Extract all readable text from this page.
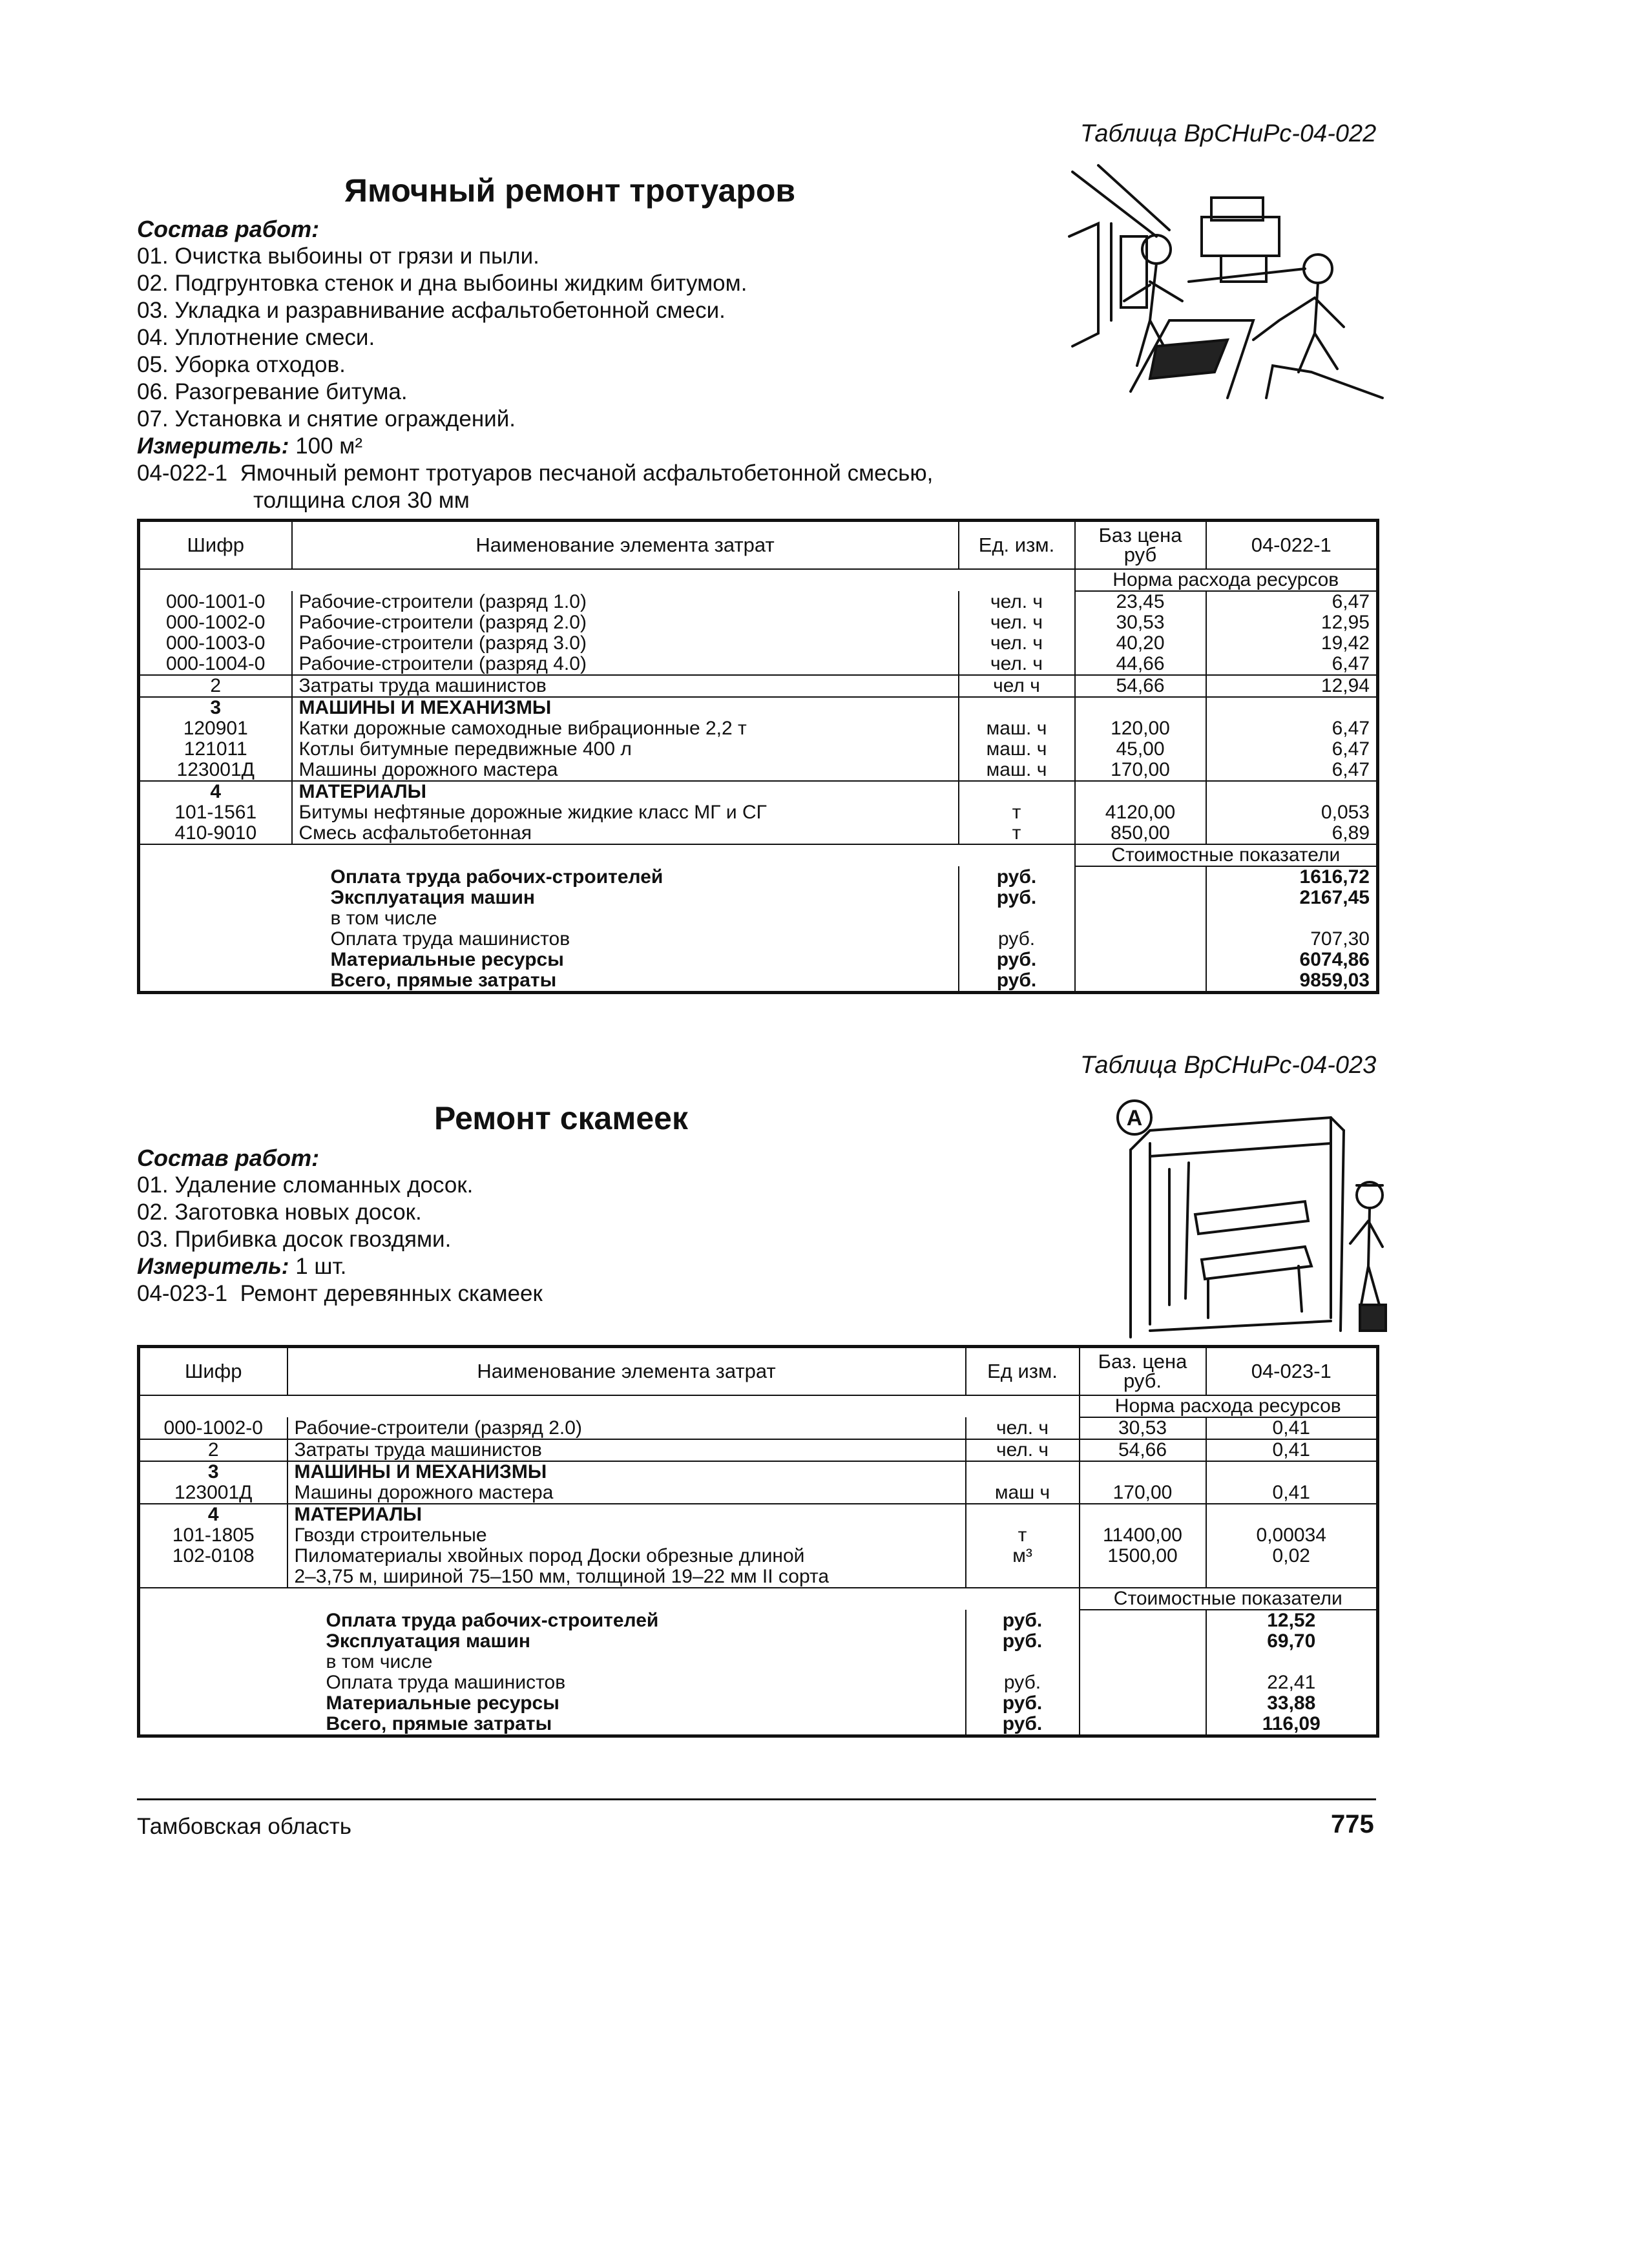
Таблица ВрСНиРс-04-022
Ямочный ремонт тротуаров
Состав работ:
01. Очистка выбоины от грязи и пыли.
02. Подгрунтовка стенок и дна выбоины жидким битумом.
03. Укладка и разравнивание асфальтобетонной смеси.
04. Уплотнение смеси.
05. Уборка отходов.
06. Разогревание битума.
07. Установка и снятие ограждений.
Измеритель: 100 м²
04-022-1 Ямочный ремонт тротуаров песчаной асфальтобетонной смесью,
толщина слоя 30 мм
Шифр	Наименование элемента затрат	Ед. изм.	Баз цена руб	04-022-1
			Норма расхода ресурсов	
000-1001-0	Рабочие-строители (разряд 1.0)	чел. ч	23,45	6,47
000-1002-0	Рабочие-строители (разряд 2.0)	чел. ч	30,53	12,95
000-1003-0	Рабочие-строители (разряд 3.0)	чел. ч	40,20	19,42
000-1004-0	Рабочие-строители (разряд 4.0)	чел. ч	44,66	6,47
2	Затраты труда машинистов	чел ч	54,66	12,94
3	МАШИНЫ И МЕХАНИЗМЫ			
120901	Катки дорожные самоходные вибрационные 2,2 т	маш. ч	120,00	6,47
121011	Котлы битумные передвижные 400 л	маш. ч	45,00	6,47
123001Д	Машины дорожного мастера	маш. ч	170,00	6,47
4	МАТЕРИАЛЫ			
101-1561	Битумы нефтяные дорожные жидкие класс МГ и СГ	т	4120,00	0,053
410-9010	Смесь асфальтобетонная	т	850,00	6,89
			Стоимостные показатели	
	Оплата труда рабочих-строителей	руб.		1616,72
	Эксплуатация машин	руб.		2167,45
	в том числе			
	Оплата труда машинистов	руб.		707,30
	Материальные ресурсы	руб.		6074,86
	Всего, прямые затраты	руб.		9859,03
Таблица ВрСНиРс-04-023
Ремонт скамеек
Состав работ:
01. Удаление сломанных досок.
02. Заготовка новых досок.
03. Прибивка досок гвоздями.
Измеритель: 1 шт.
04-023-1 Ремонт деревянных скамеек
A
Шифр	Наименование элемента затрат	Ед изм.	Баз. цена руб.	04-023-1
			Норма расхода ресурсов	
000-1002-0	Рабочие-строители (разряд 2.0)	чел. ч	30,53	0,41
2	Затраты труда машинистов	чел. ч	54,66	0,41
3	МАШИНЫ И МЕХАНИЗМЫ			
123001Д	Машины дорожного мастера	маш ч	170,00	0,41
4	МАТЕРИАЛЫ			
101-1805	Гвозди строительные	т	11400,00	0,00034
102-0108	Пиломатериалы хвойных пород Доски обрезные длиной	м³	1500,00	0,02
	2–3,75 м, шириной 75–150 мм, толщиной 19–22 мм II сорта			
			Стоимостные показатели	
	Оплата труда рабочих-строителей	руб.		12,52
	Эксплуатация машин	руб.		69,70
	в том числе			
	Оплата труда машинистов	руб.		22,41
	Материальные ресурсы	руб.		33,88
	Всего, прямые затраты	руб.		116,09
Тамбовская область	775
